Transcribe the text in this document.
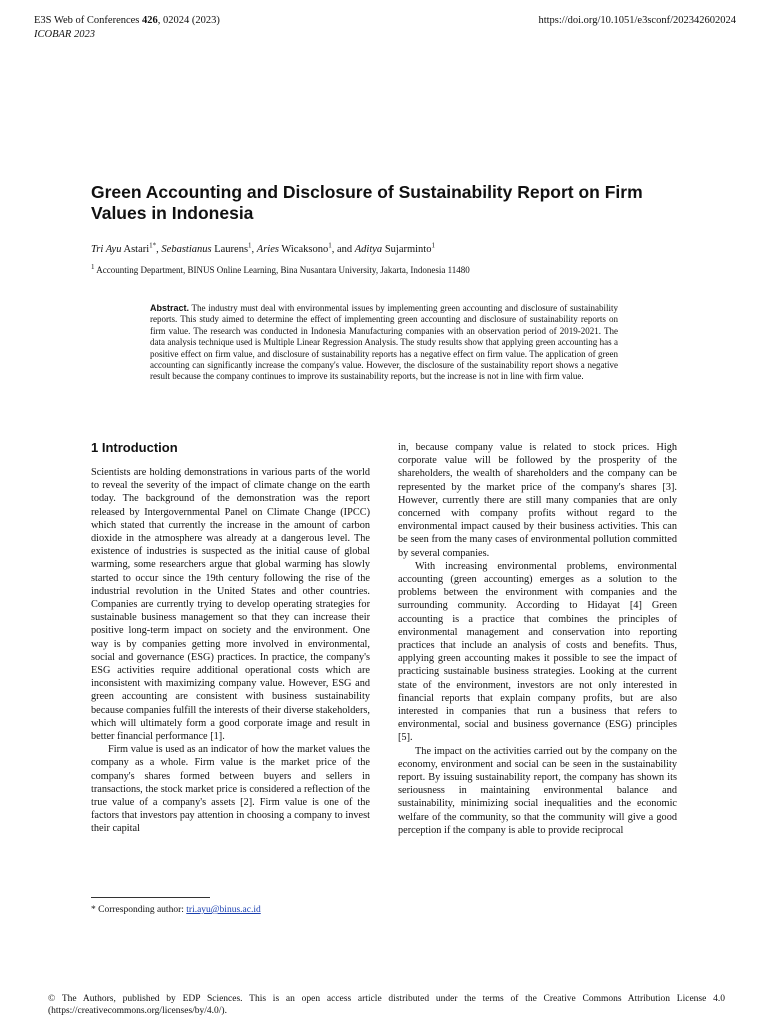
E3S Web of Conferences 426, 02024 (2023)	https://doi.org/10.1051/e3sconf/202342602024
ICOBAR 2023
Green Accounting and Disclosure of Sustainability Report on Firm Values in Indonesia
Tri Ayu Astari$^{1*}$, Sebastianus Laurens$^1$, Aries Wicaksono$^1$, and Aditya Sujarminto$^1$
$^1$ Accounting Department, BINUS Online Learning, Bina Nusantara University, Jakarta, Indonesia 11480
Abstract. The industry must deal with environmental issues by implementing green accounting and disclosure of sustainability reports. This study aimed to determine the effect of implementing green accounting and disclosure of sustainability reports on firm value. The research was conducted in Indonesia Manufacturing companies with an observation period of 2019-2021. The data analysis technique used is Multiple Linear Regression Analysis. The study results show that applying green accounting has a positive effect on firm value, and disclosure of sustainability reports has a negative effect on firm value. The application of green accounting can significantly increase the company's value. However, the disclosure of the sustainability report shows a negative result because the company continues to improve its sustainability reports, but the increase is not in line with firm value.
1 Introduction

Scientists are holding demonstrations in various parts of the world to reveal the severity of the impact of climate change on the earth today. The background of the demonstration was the report released by Intergovernmental Panel on Climate Change (IPCC) which stated that currently the increase in the amount of carbon dioxide in the atmosphere was already at a dangerous level. The existence of industries is suspected as the initial cause of global warming, some researchers argue that global warming has slowly started to occur since the 19th century following the rise of the industrial revolution in the United States and other countries. Companies are currently trying to develop operating strategies for sustainable business management so that they can increase their positive long-term impact on society and the environment. One way is by companies getting more involved in environmental, social and governance (ESG) practices. In practice, the company's ESG activities require additional operational costs which are inconsistent with maximizing company value. However, ESG and green accounting are consistent with business sustainability because companies fulfill the interests of their diverse stakeholders, which will ultimately form a good corporate image and result in better financial performance [1].

Firm value is used as an indicator of how the market values the company as a whole. Firm value is the market price of the company's shares formed between buyers and sellers in transactions, the stock market price is considered a reflection of the true value of a company's assets [2]. Firm value is one of the factors that investors pay attention in choosing a company to invest their capital

in, because company value is related to stock prices. High corporate value will be followed by the prosperity of the shareholders, the wealth of shareholders and the company can be represented by the market price of the company's shares [3]. However, currently there are still many companies that are only concerned with company profits without regard to the environmental impact caused by their business activities. This can be seen from the many cases of environmental pollution committed by several companies.

With increasing environmental problems, environmental accounting (green accounting) emerges as a solution to the problems between the environment with companies and the surrounding community. According to Hidayat [4] Green accounting is a practice that combines the principles of environmental management and conservation into reporting practices that include an analysis of costs and benefits. Thus, applying green accounting makes it possible to see the impact of practicing sustainable business strategies. Looking at the current state of the environment, investors are not only interested in financial reports that explain company profits, but are also interested in companies that run a business that refers to environmental, social and business governance (ESG) principles [5].

The impact on the activities carried out by the company on the economy, environment and social can be seen in the sustainability report. By issuing sustainability report, the company has shown its seriousness in maintaining environmental balance and sustainability, minimizing social inequalities and the economic welfare of the community, so that the community will give a good perception if the company is able to provide reciprocal

* Corresponding author: tri.ayu@binus.ac.id
© The Authors, published by EDP Sciences. This is an open access article distributed under the terms of the Creative Commons Attribution License 4.0 (https://creativecommons.org/licenses/by/4.0/).
